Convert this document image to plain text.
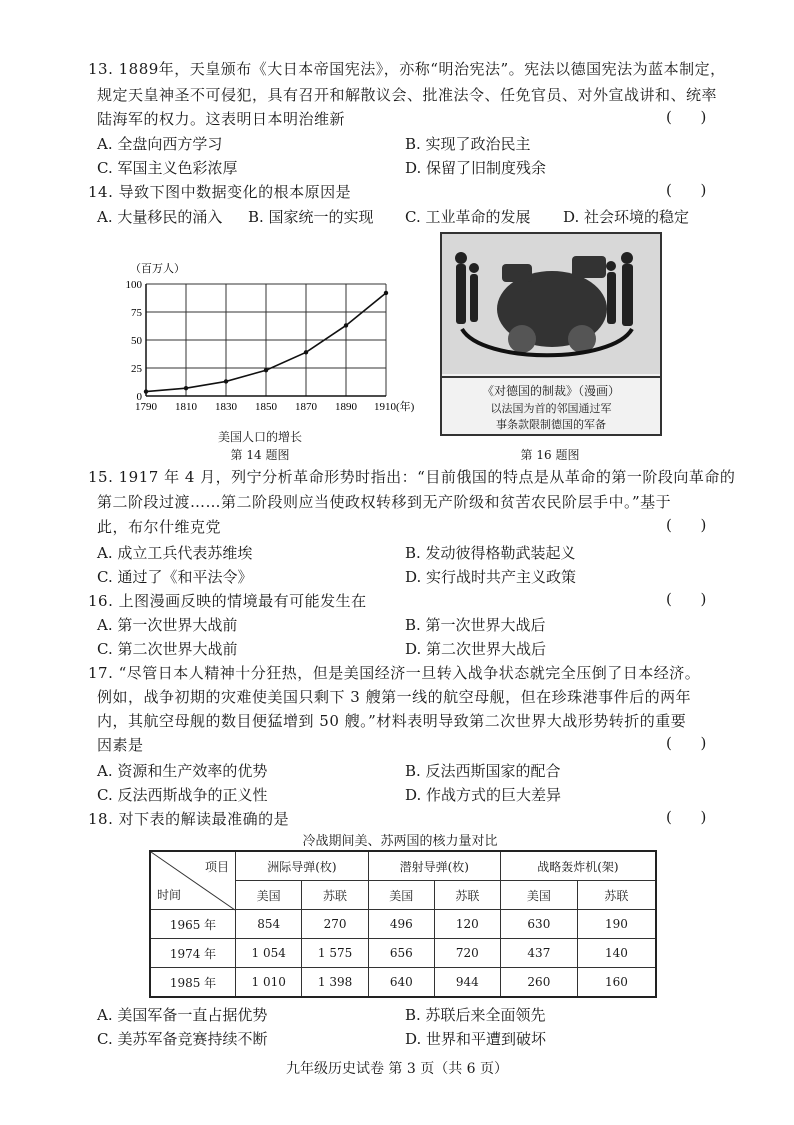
13. 1889年，天皇颁布《大日本帝国宪法》，亦称“明治宪法”。宪法以德国宪法为蓝本制定，
规定天皇神圣不可侵犯，具有召开和解散议会、批准法令、任免官员、对外宣战讲和、统率
陆海军的权力。这表明日本明治维新	(      )
A. 全盘向西方学习	B. 实现了政治民主
C. 军国主义色彩浓厚	D. 保留了旧制度残余
14. 导致下图中数据变化的根本原因是	(      )
A. 大量移民的涌入 B. 国家统一的实现 C. 工业革命的发展 D. 社会环境的稳定
1790 1810 1830 1850 1870 1890 1910(年)
0
25
50
75
100
（百万人）
美国人口的增长
第 14 题图
《对德国的制裁》（漫画）
以法国为首的邻国通过军
事条款限制德国的军备
第 16 题图
15. 1917 年 4 月，列宁分析革命形势时指出：“目前俄国的特点是从革命的第一阶段向革命的
第二阶段过渡……第二阶段则应当使政权转移到无产阶级和贫苦农民阶层手中。”基于
此，布尔什维克党	(      )
A. 成立工兵代表苏维埃	B. 发动彼得格勒武装起义
C. 通过了《和平法令》	D. 实行战时共产主义政策
16. 上图漫画反映的情境最有可能发生在	(      )
A. 第一次世界大战前	B. 第一次世界大战后
C. 第二次世界大战前	D. 第二次世界大战后
17. “尽管日本人精神十分狂热，但是美国经济一旦转入战争状态就完全压倒了日本经济。
例如，战争初期的灾难使美国只剩下 3 艘第一线的航空母舰，但在珍珠港事件后的两年
内，其航空母舰的数目便猛增到 50 艘。”材料表明导致第二次世界大战形势转折的重要
因素是	(      )
A. 资源和生产效率的优势	B. 反法西斯国家的配合
C. 反法西斯战争的正义性	D. 作战方式的巨大差异
18. 对下表的解读最准确的是	(      )
冷战期间美、苏两国的核力量对比
项目
时间	洲际导弹(枚)		潜射导弹(枚)		战略轰炸机(架)	
	美国	苏联	美国	苏联	美国	苏联
1965 年	854	270	496	120	630	190
1974 年	1 054	1 575	656	720	437	140
1985 年	1 010	1 398	640	944	260	160
A. 美国军备一直占据优势	B. 苏联后来全面领先
C. 美苏军备竞赛持续不断	D. 世界和平遭到破坏
九年级历史试卷 第 3 页（共 6 页）
